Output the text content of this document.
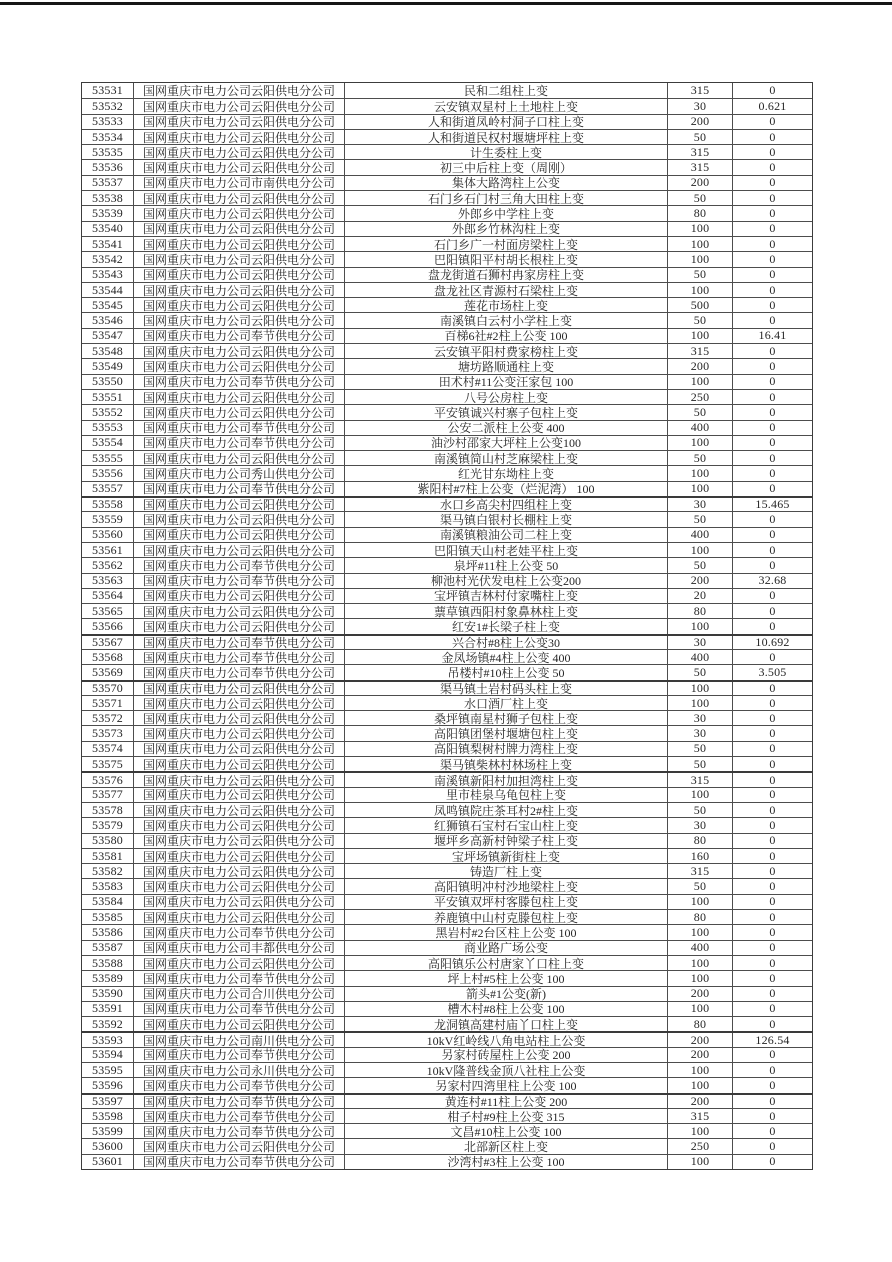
53531	国网重庆市电力公司云阳供电分公司	民和二组柱上变	315	0
53532	国网重庆市电力公司云阳供电分公司	云安镇双星村上土地柱上变	30	0.621
53533	国网重庆市电力公司云阳供电分公司	人和街道凤岭村洞子口柱上变	200	0
53534	国网重庆市电力公司云阳供电分公司	人和街道民权村堰塘坪柱上变	50	0
53535	国网重庆市电力公司云阳供电分公司	计生委柱上变	315	0
53536	国网重庆市电力公司云阳供电分公司	初三中后柱上变（周刚）	315	0
53537	国网重庆市电力公司市南供电分公司	集体大路湾柱上公变	200	0
53538	国网重庆市电力公司云阳供电分公司	石门乡石门村三角大田柱上变	50	0
53539	国网重庆市电力公司云阳供电分公司	外郎乡中学柱上变	80	0
53540	国网重庆市电力公司云阳供电分公司	外郎乡竹林沟柱上变	100	0
53541	国网重庆市电力公司云阳供电分公司	石门乡广一村面房梁柱上变	100	0
53542	国网重庆市电力公司云阳供电分公司	巴阳镇阳平村胡长根柱上变	100	0
53543	国网重庆市电力公司云阳供电分公司	盘龙街道石狮村冉家房柱上变	50	0
53544	国网重庆市电力公司云阳供电分公司	盘龙社区青源村石梁柱上变	100	0
53545	国网重庆市电力公司云阳供电分公司	莲花市场柱上变	500	0
53546	国网重庆市电力公司云阳供电分公司	南溪镇白云村小学柱上变	50	0
53547	国网重庆市电力公司奉节供电分公司	百梯6社#2柱上公变 100	100	16.41
53548	国网重庆市电力公司云阳供电分公司	云安镇平阳村费家榜柱上变	315	0
53549	国网重庆市电力公司云阳供电分公司	塘坊路顺通柱上变	200	0
53550	国网重庆市电力公司奉节供电分公司	田术村#11公变汪家包 100	100	0
53551	国网重庆市电力公司云阳供电分公司	八号公房柱上变	250	0
53552	国网重庆市电力公司云阳供电分公司	平安镇诚兴村寨子包柱上变	50	0
53553	国网重庆市电力公司奉节供电分公司	公安二派柱上公变 400	400	0
53554	国网重庆市电力公司奉节供电分公司	油沙村邵家大坪柱上公变100	100	0
53555	国网重庆市电力公司云阳供电分公司	南溪镇简山村芝麻梁柱上变	50	0
53556	国网重庆市电力公司秀山供电分公司	红光甘东坳柱上变	100	0
53557	国网重庆市电力公司奉节供电分公司	紫阳村#7柱上公变（烂泥湾） 100	100	0
53558	国网重庆市电力公司云阳供电分公司	水口乡高尖村四组柱上变	30	15.465
53559	国网重庆市电力公司云阳供电分公司	渠马镇白银村长棚柱上变	50	0
53560	国网重庆市电力公司云阳供电分公司	南溪镇粮油公司二柱上变	400	0
53561	国网重庆市电力公司云阳供电分公司	巴阳镇天山村老娃平柱上变	100	0
53562	国网重庆市电力公司奉节供电分公司	泉坪#11柱上公变 50	50	0
53563	国网重庆市电力公司奉节供电分公司	柳池村光伏发电柱上公变200	200	32.68
53564	国网重庆市电力公司云阳供电分公司	宝坪镇吉林村付家嘴柱上变	20	0
53565	国网重庆市电力公司云阳供电分公司	蔈草镇西阳村象鼻林柱上变	80	0
53566	国网重庆市电力公司云阳供电分公司	红安1#长梁子柱上变	100	0
53567	国网重庆市电力公司奉节供电分公司	兴合村#8柱上公变30	30	10.692
53568	国网重庆市电力公司奉节供电分公司	金凤场镇#4柱上公变 400	400	0
53569	国网重庆市电力公司奉节供电分公司	吊楼村#10柱上公变 50	50	3.505
53570	国网重庆市电力公司云阳供电分公司	渠马镇土岩村码头柱上变	100	0
53571	国网重庆市电力公司云阳供电分公司	水口酒厂柱上变	100	0
53572	国网重庆市电力公司云阳供电分公司	桑坪镇南星村狮子包柱上变	30	0
53573	国网重庆市电力公司云阳供电分公司	高阳镇团堡村堰塘包柱上变	30	0
53574	国网重庆市电力公司云阳供电分公司	高阳镇梨树村牌力湾柱上变	50	0
53575	国网重庆市电力公司云阳供电分公司	渠马镇柴林村林场柱上变	50	0
53576	国网重庆市电力公司云阳供电分公司	南溪镇新阳村加担湾柱上变	315	0
53577	国网重庆市电力公司云阳供电分公司	里市桂泉乌龟包柱上变	100	0
53578	国网重庆市电力公司云阳供电分公司	凤鸣镇院庄茶耳村2#柱上变	50	0
53579	国网重庆市电力公司云阳供电分公司	红狮镇石宝村石宝山柱上变	30	0
53580	国网重庆市电力公司云阳供电分公司	堰坪乡高新村钟梁子柱上变	80	0
53581	国网重庆市电力公司云阳供电分公司	宝坪场镇新街柱上变	160	0
53582	国网重庆市电力公司云阳供电分公司	铸造厂柱上变	315	0
53583	国网重庆市电力公司云阳供电分公司	高阳镇明冲村沙地梁柱上变	50	0
53584	国网重庆市电力公司云阳供电分公司	平安镇双坪村客滕包柱上变	100	0
53585	国网重庆市电力公司云阳供电分公司	养鹿镇中山村克滕包柱上变	80	0
53586	国网重庆市电力公司奉节供电分公司	黑岩村#2台区柱上公变 100	100	0
53587	国网重庆市电力公司丰都供电分公司	商业路广场公变	400	0
53588	国网重庆市电力公司云阳供电分公司	高阳镇乐公村唐家丫口柱上变	100	0
53589	国网重庆市电力公司奉节供电分公司	坪上村#5柱上公变 100	100	0
53590	国网重庆市电力公司合川供电分公司	箭头#1公变(新)	200	0
53591	国网重庆市电力公司奉节供电分公司	槽木村#8柱上公变 100	100	0
53592	国网重庆市电力公司云阳供电分公司	龙洞镇高建村庙丫口柱上变	80	0
53593	国网重庆市电力公司南川供电分公司	10kV红岭线八角电站柱上公变	200	126.54
53594	国网重庆市电力公司奉节供电分公司	另家村砖屋柱上公变 200	200	0
53595	国网重庆市电力公司永川供电分公司	10kV隆普线金顶八社柱上公变	100	0
53596	国网重庆市电力公司奉节供电分公司	另家村四湾里柱上公变 100	100	0
53597	国网重庆市电力公司奉节供电分公司	黄连村#11柱上公变 200	200	0
53598	国网重庆市电力公司奉节供电分公司	柑子村#9柱上公变 315	315	0
53599	国网重庆市电力公司奉节供电分公司	文昌#10柱上公变 100	100	0
53600	国网重庆市电力公司云阳供电分公司	北部新区柱上变	250	0
53601	国网重庆市电力公司奉节供电分公司	沙湾村#3柱上公变 100	100	0
